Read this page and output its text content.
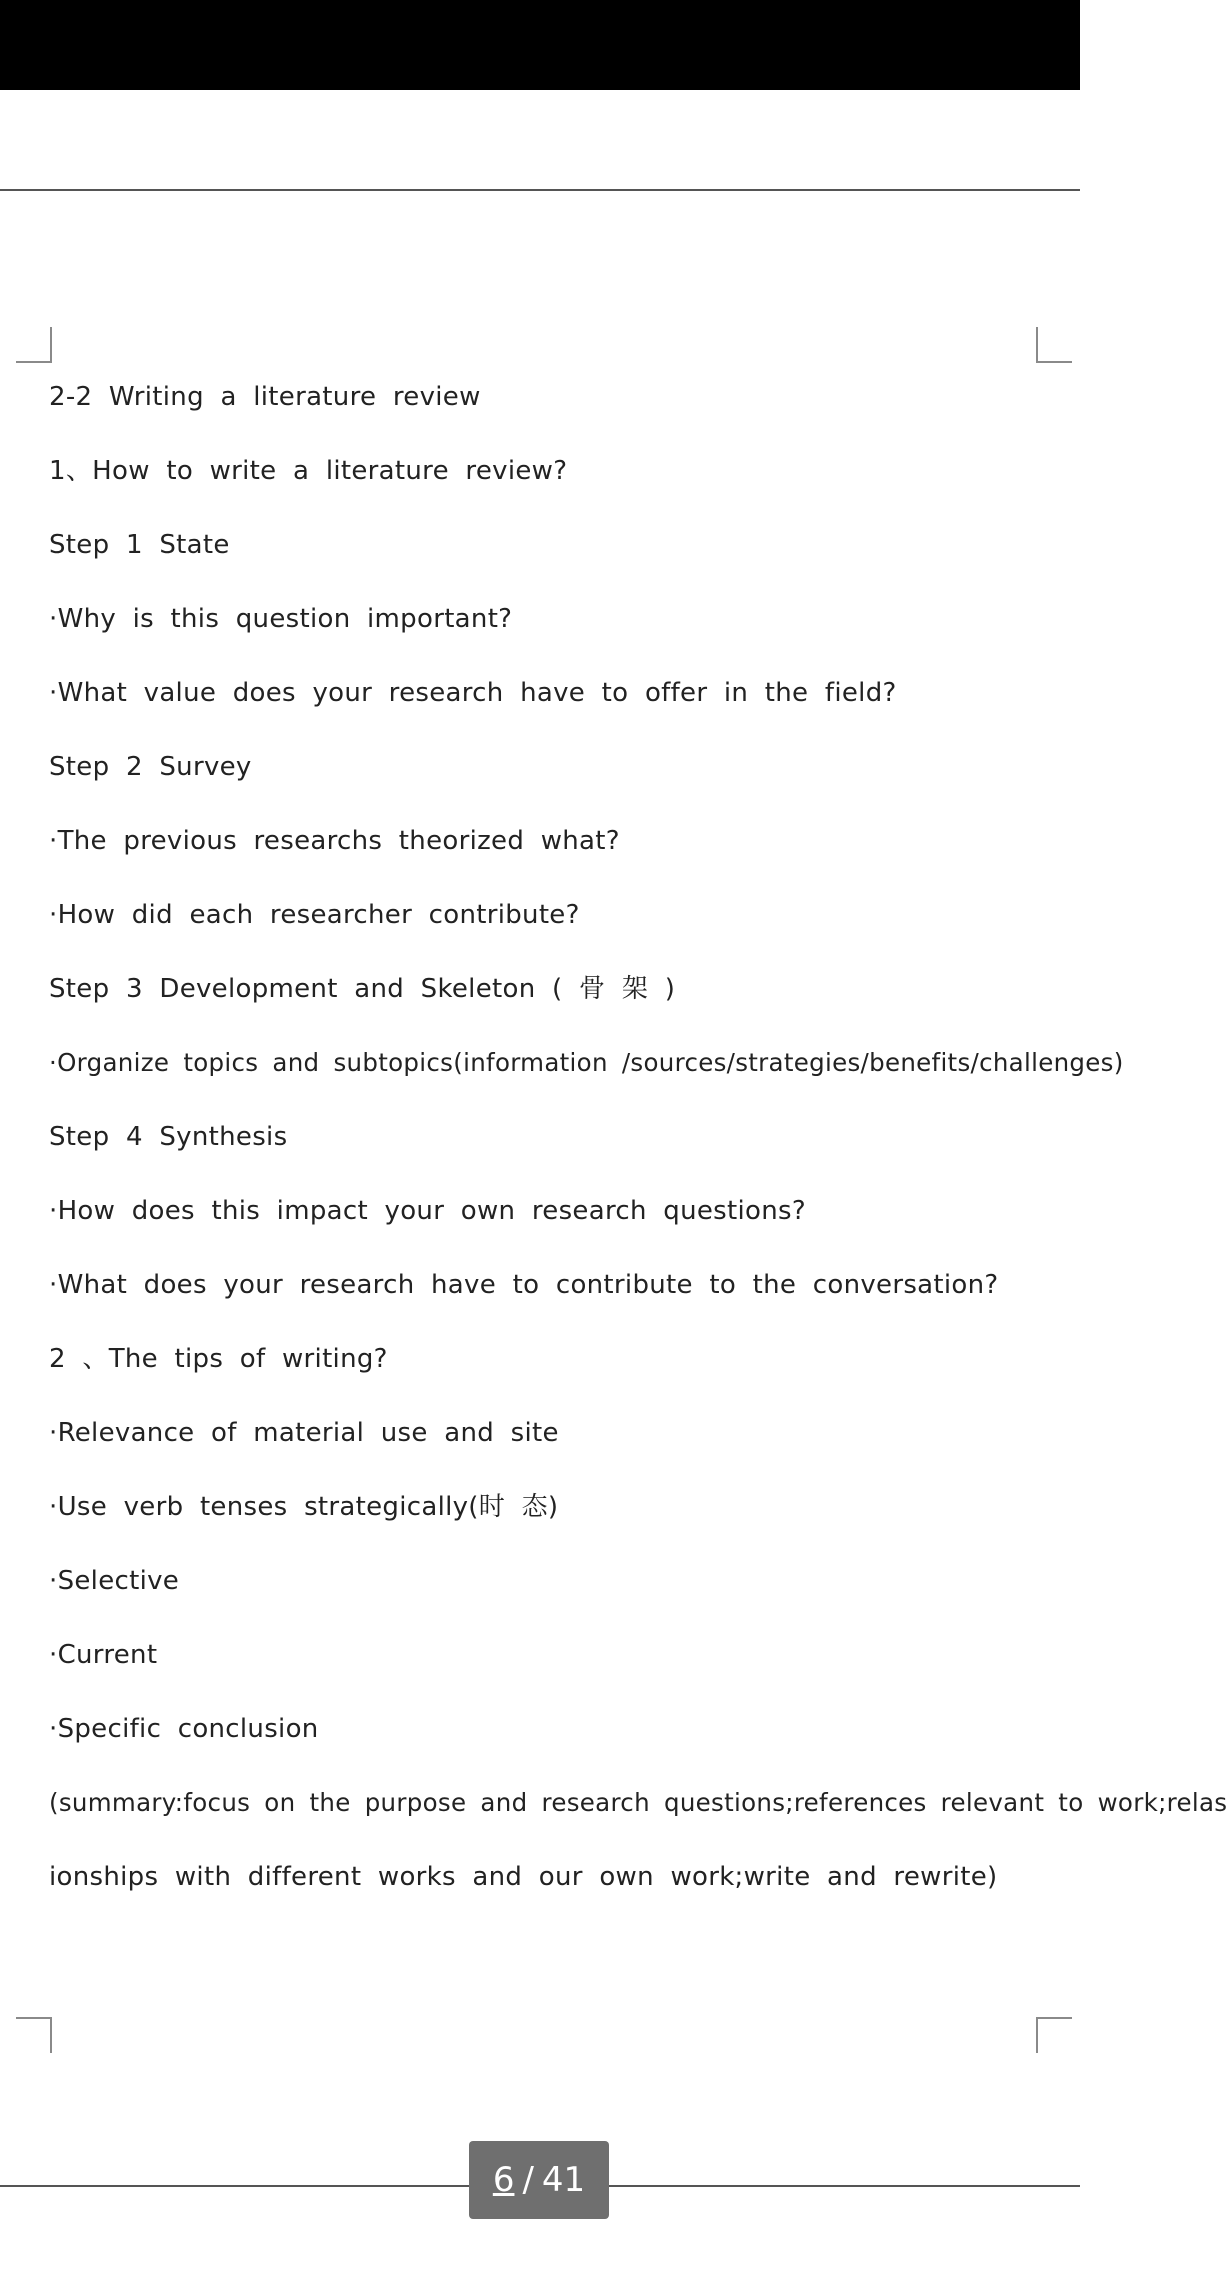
2-2 Writing a literature review
1、How to write a literature review?
Step 1 State
·Why is this question important?
·What value does your research have to offer in the field?
Step 2 Survey
·The previous researchs theorized what?
·How did each researcher contribute?
Step 3 Development and Skeleton ( 骨 架 )
·Organize topics and subtopics(information /sources/strategies/benefits/challenges)
Step 4 Synthesis
·How does this impact your own research questions?
·What does your research have to contribute to the conversation?
2 、The tips of writing?
·Relevance of material use and site
·Use verb tenses strategically(时 态)
·Selective
·Current
·Specific conclusion
(summary:focus on the purpose and research questions;references relevant to work;relas
ionships with different works and our own work;write and rewrite)
6 / 41
